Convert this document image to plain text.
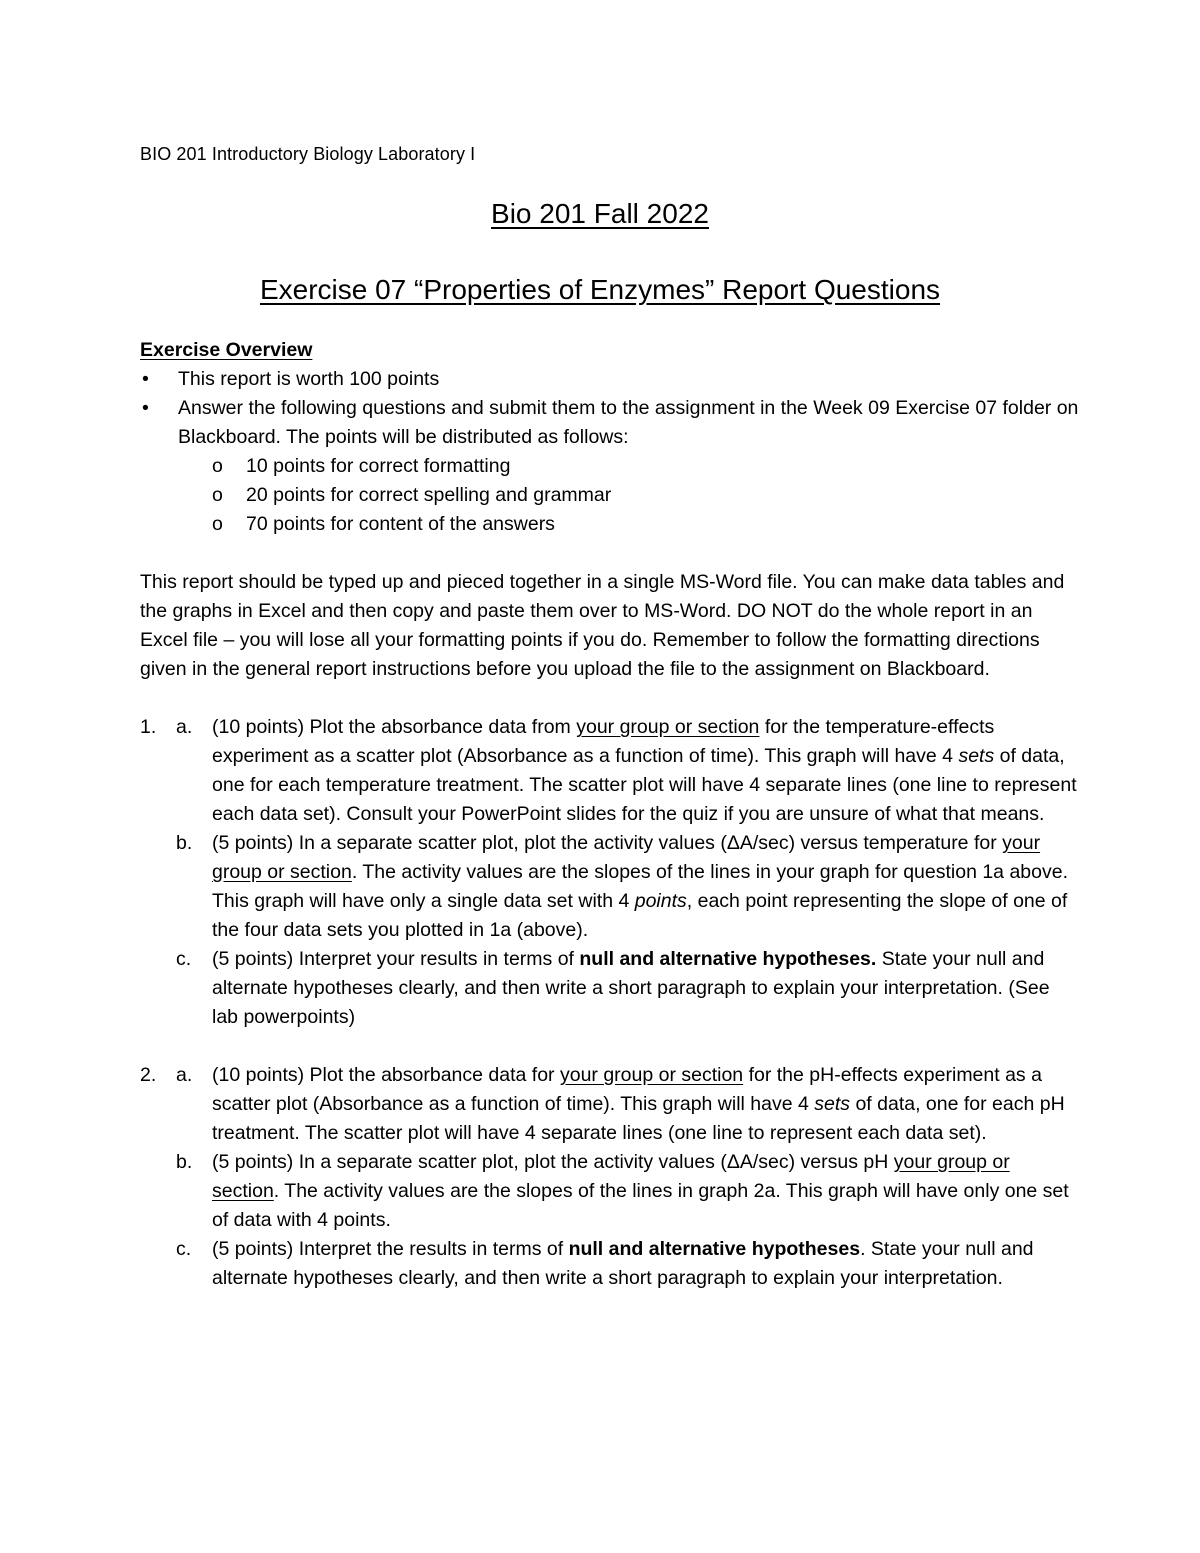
BIO 201 Introductory Biology Laboratory I
Bio 201 Fall 2022
Exercise 07 “Properties of Enzymes” Report Questions
Exercise Overview
•	This report is worth 100 points
•	Answer the following questions and submit them to the assignment in the Week 09 Exercise 07 folder on Blackboard. The points will be distributed as follows:
o	10 points for correct formatting
o	20 points for correct spelling and grammar
o	70 points for content of the answers
This report should be typed up and pieced together in a single MS-Word file. You can make data tables and the graphs in Excel and then copy and paste them over to MS-Word. DO NOT do the whole report in an Excel file – you will lose all your formatting points if you do. Remember to follow the formatting directions given in the general report instructions before you upload the file to the assignment on Blackboard.
1.	a.	(10 points) Plot the absorbance data from your group or section for the temperature-effects experiment as a scatter plot (Absorbance as a function of time). This graph will have 4 sets of data, one for each temperature treatment. The scatter plot will have 4 separate lines (one line to represent each data set). Consult your PowerPoint slides for the quiz if you are unsure of what that means.
b.	(5 points) In a separate scatter plot, plot the activity values (ΔA/sec) versus temperature for your group or section. The activity values are the slopes of the lines in your graph for question 1a above. This graph will have only a single data set with 4 points, each point representing the slope of one of the four data sets you plotted in 1a (above).
c.	(5 points) Interpret your results in terms of null and alternative hypotheses. State your null and alternate hypotheses clearly, and then write a short paragraph to explain your interpretation. (See lab powerpoints)
2.	a.	(10 points) Plot the absorbance data for your group or section for the pH-effects experiment as a scatter plot (Absorbance as a function of time). This graph will have 4 sets of data, one for each pH treatment. The scatter plot will have 4 separate lines (one line to represent each data set).
b.	(5 points) In a separate scatter plot, plot the activity values (ΔA/sec) versus pH your group or section. The activity values are the slopes of the lines in graph 2a. This graph will have only one set of data with 4 points.
c.	(5 points) Interpret the results in terms of null and alternative hypotheses. State your null and alternate hypotheses clearly, and then write a short paragraph to explain your interpretation.
